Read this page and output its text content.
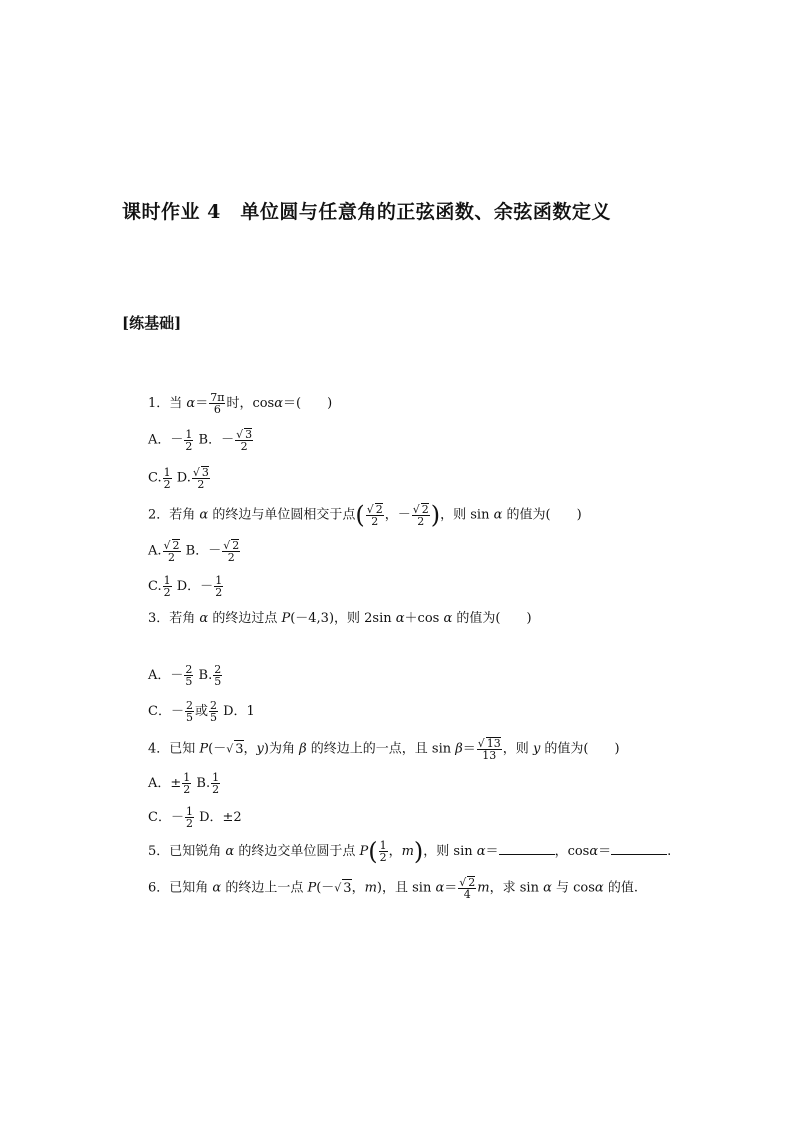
课时作业 4　单位圆与任意角的正弦函数、余弦函数定义
[练基础]
1．当 $\alpha= \frac{7\pi}{6}$ 时，cosα＝(　　)
A．－ $\frac{1}{2}$ B．－ $\frac{√ 3}{2}$
C. $\frac{1}{2} D$. $\frac{√ 3}{2}$
2．若角 α 的终边与单位圆相交于点( $\frac{√ 2}{2}$ ，－ $\frac{√ 2}{2}$ )，则 sin α 的值为(　　)
A. $\frac{√ 2}{2}$ B．－ $\frac{√ 2}{2}$
C. $\frac{1}{2}$ D．－ $\frac{1}{2}$
3．若角 α 的终边过点 P(－4,3)，则 2sin α＋cos α 的值为(　　)
A．－ $\frac{2}{5} B$. $\frac{2}{5}$
C．－ $\frac{2}{5}$ 或 $\frac{2}{5}$ D．1
4．已知 P(－√ 3，y)为角 β 的终边上的一点，且 $\sin \beta= \frac{√ 13}{13}$ ，则 y 的值为(　　)
A．± $\frac{1}{2} B$. $\frac{1}{2}$
C．－ $\frac{1}{2}$ D．±2
5．已知锐角 α 的终边交单位圆于点 $P( \frac{1}{2}$ ，m)，则 sin α＝	，cosα＝	.
6．已知角 α 的终边上一点 P(－√ 3，m)，且 $\sin \alpha= \frac{√ 2}{4}$ m，求 sin α 与 cosα 的值.
